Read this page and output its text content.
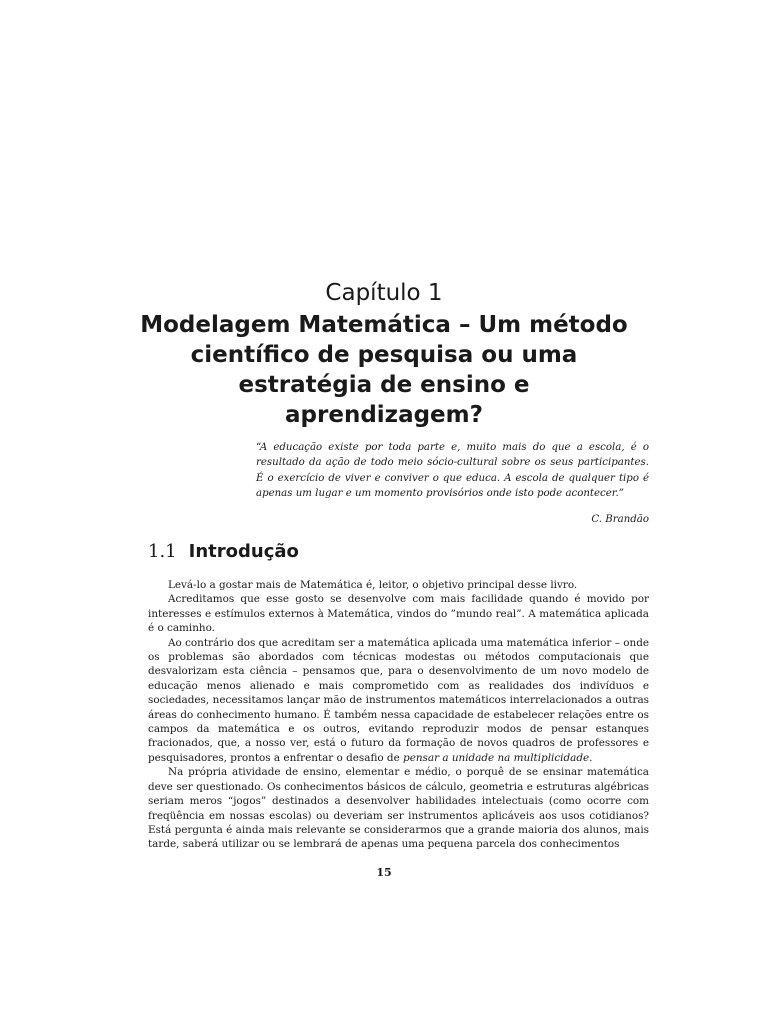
Capítulo 1
Modelagem Matemática – Um método científico de pesquisa ou uma estratégia de ensino e aprendizagem?
“A educação existe por toda parte e, muito mais do que a escola, é o resultado da ação de todo meio sócio-cultural sobre os seus participantes. É o exercício de viver e conviver o que educa. A escola de qualquer tipo é apenas um lugar e um momento provisórios onde isto pode acontecer.”
C. Brandão
1.1 Introdução

Levá-lo a gostar mais de Matemática é, leitor, o objetivo principal desse livro.

Acreditamos que esse gosto se desenvolve com mais facilidade quando é movido por interesses e estímulos externos à Matemática, vindos do ”mundo real”. A matemática aplicada é o caminho.

Ao contrário dos que acreditam ser a matemática aplicada uma matemática inferior – onde os problemas são abordados com técnicas modestas ou métodos computacionais que desvalorizam esta ciência – pensamos que, para o desenvolvimento de um novo modelo de educação menos alienado e mais comprometido com as realidades dos indivíduos e sociedades, necessitamos lançar mão de instrumentos matemáticos interrelacionados a outras áreas do conhecimento humano. É também nessa capacidade de estabelecer relações entre os campos da matemática e os outros, evitando reproduzir modos de pensar estanques fracionados, que, a nosso ver, está o futuro da formação de novos quadros de professores e pesquisadores, prontos a enfrentar o desafio de pensar a unidade na multiplicidade.

Na própria atividade de ensino, elementar e médio, o porquê de se ensinar matemática deve ser questionado. Os conhecimentos básicos de cálculo, geometria e estruturas algébricas seriam meros “jogos” destinados a desenvolver habilidades intelectuais (como ocorre com freqüência em nossas escolas) ou deveriam ser instrumentos aplicáveis aos usos cotidianos? Está pergunta é ainda mais relevante se considerarmos que a grande maioria dos alunos, mais tarde, saberá utilizar ou se lembrará de apenas uma pequena parcela dos conhecimentos

15
